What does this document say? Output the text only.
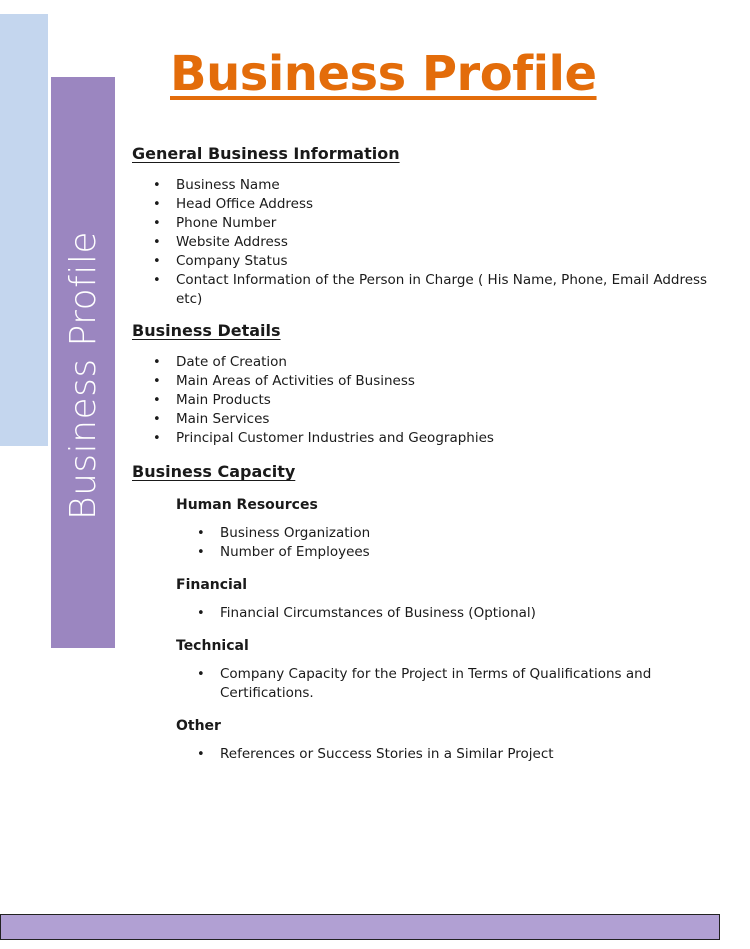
Business Profile
Business Profile
General Business Information
• Business Name
• Head Office Address
• Phone Number
• Website Address
• Company Status
• Contact Information of the Person in Charge ( His Name, Phone, Email Address etc)
Business Details
• Date of Creation
• Main Areas of Activities of Business
• Main Products
• Main Services
• Principal Customer Industries and Geographies
Business Capacity
Human Resources
• Business Organization
• Number of Employees
Financial
• Financial Circumstances of Business (Optional)
Technical
• Company Capacity for the Project in Terms of Qualifications and Certifications.
Other
• References or Success Stories in a Similar Project
